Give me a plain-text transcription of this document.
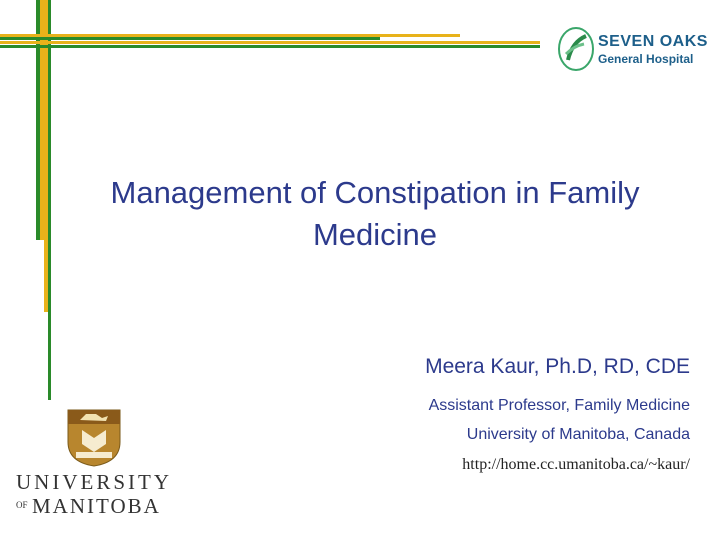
SEVEN OAKS
General Hospital
Management of Constipation in Family Medicine
Meera Kaur, Ph.D, RD, CDE
Assistant Professor, Family Medicine
University of Manitoba, Canada
http://home.cc.umanitoba.ca/~kaur/
UNIVERSITY
OF MANITOBA
